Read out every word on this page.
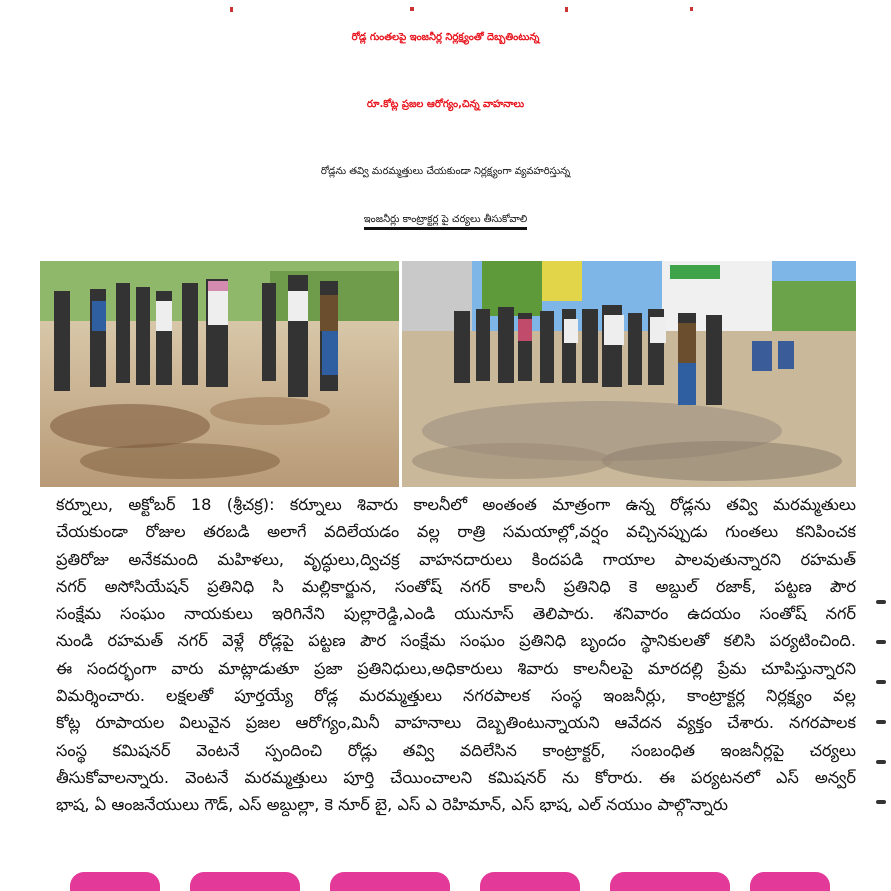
రోడ్ల గుంతలపై ఇంజనీర్ల నిర్లక్ష్యంతో దెబ్బతింటున్న
రూ.కోట్ల ప్రజల ఆరోగ్యం,చిన్న వాహనాలు
రోడ్లను తవ్వి మరమ్మత్తులు చేయకుండా నిర్లక్ష్యంగా వ్యవహరిస్తున్న
ఇంజనీర్లు కాంట్రాక్టర్ల పై చర్యలు తీసుకోవాలి
కర్నూలు, అక్టోబర్ 18 (శ్రీచక్ర): కర్నూలు శివారు కాలనీలో అంతంత మాత్రంగా ఉన్న రోడ్లను తవ్వి మరమ్మతులు
చేయకుండా రోజుల తరబడి అలాగే వదిలేయడం వల్ల రాత్రి సమయాల్లో,వర్షం వచ్చినప్పుడు గుంతలు కనిపించక
ప్రతిరోజు అనేకమంది మహిళలు, వృద్ధులు,ద్విచక్ర వాహనదారులు కిందపడి గాయాల పాలవుతున్నారని రహమత్
నగర్ అసోసియేషన్ ప్రతినిధి సి మల్లికార్జున, సంతోష్ నగర్ కాలనీ ప్రతినిధి కె అబ్దుల్ రజాక్, పట్టణ పౌర
సంక్షేమ సంఘం నాయకులు ఇరిగినేని పుల్లారెడ్డి,ఎండి యునూస్ తెలిపారు. శనివారం ఉదయం సంతోష్ నగర్
నుండి రహమత్ నగర్ వెళ్లే రోడ్లపై పట్టణ పౌర సంక్షేమ సంఘం ప్రతినిధి బృందం స్థానికులతో కలిసి పర్యటించింది.
ఈ సందర్భంగా వారు మాట్లాడుతూ ప్రజా ప్రతినిధులు,అధికారులు శివారు కాలనీలపై మారదల్లి ప్రేమ చూపిస్తున్నారని
విమర్శించారు. లక్షలతో పూర్తయ్యే రోడ్ల మరమ్మత్తులు నగరపాలక సంస్థ ఇంజనీర్లు, కాంట్రాక్టర్ల నిర్లక్ష్యం వల్ల
కోట్ల రూపాయల విలువైన ప్రజల ఆరోగ్యం,మినీ వాహనాలు దెబ్బతింటున్నాయని ఆవేదన వ్యక్తం చేశారు. నగరపాలక
సంస్థ కమిషనర్ వెంటనే స్పందించి రోడ్లు తవ్వి వదిలేసిన కాంట్రాక్టర్, సంబంధిత ఇంజనీర్లపై చర్యలు
తీసుకోవాలన్నారు. వెంటనే మరమ్మత్తులు పూర్తి చేయించాలని కమిషనర్ ను కోరారు. ఈ పర్యటనలో ఎస్ అన్వర్
భాష, ఏ ఆంజనేయులు గౌడ్, ఎస్ అబ్దుల్లా, కె నూర్ బై, ఎస్ ఎ రెహిమాన్, ఎస్ భాష, ఎల్ నయుం పాల్గొన్నారు
